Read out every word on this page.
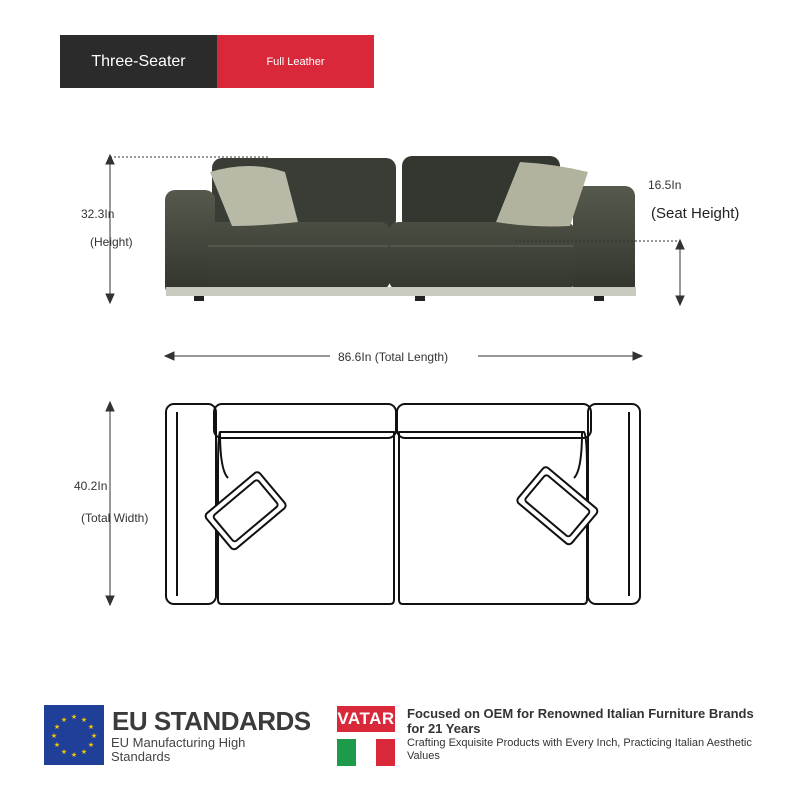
Three-Seater	Full Leather
32.3In
(Height)
16.5In
(Seat Height)
86.6In (Total Length)
40.2In
(Total Width)
★ ★
★
★
★
★
★
★
★
★
★
★ EU STANDARDS
EU Manufacturing High Standards
VATAR Focused on OEM for Renowned Italian Furniture Brands for 21 Years
Crafting Exquisite Products with Every Inch, Practicing Italian Aesthetic Values
